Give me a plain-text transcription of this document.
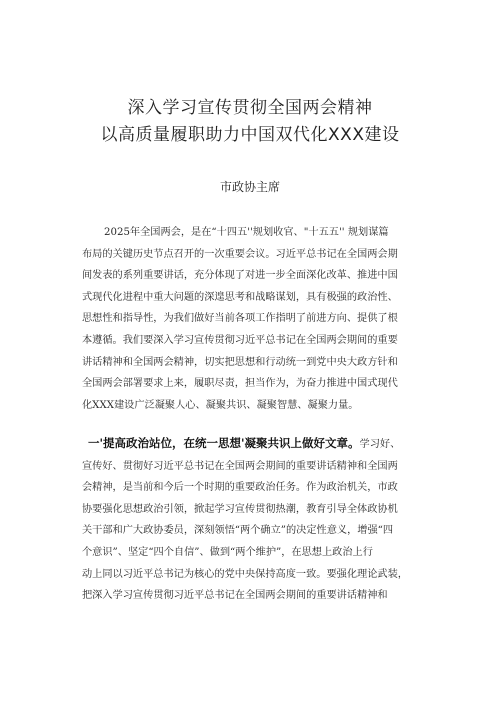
深入学习宣传贯彻全国两会精神
以高质量履职助力中国双代化XXX建设
市政协主席
2025年全国两会，是在“十四五''规划收官、"十五五'' 规划谋篇
布局的关键历史节点召开的一次重要会议。习近平总书记在全国两会期
间发表的系列重要讲话，充分体现了对进一步全面深化改革、推进中国
式现代化进程中重大问题的深遑思考和战略谋划，具有极强的政治性、
思想性和指导性，为我们做好当前各项工作指明了前进方向、提供了根
本遵循。我们要深入学习宣传贯彻习近平总书记在全国两会期间的重要
讲话精神和全国两会精神，切实把思想和行动统一到党中央大政方针和
全国两会部署要求上来，履职尽责，担当作为，为奋力推进中国式现代
化XXX建设广泛凝聚人心、凝聚共识、凝聚智慧、凝聚力量。
一'提高政治站位，在统一思想'凝聚共识上做好文章。学习好、
宣传好、贯彻好习近平总书记在全国两会期间的重要讲话精神和全国两
会精神，是当前和今后一个时期的重要政治任务。作为政治机关，市政
协要强化思想政治引领，掀起学习宣传贯彻热潮，教育引导全体政协机
关干部和广大政协委员，深刻领悟“两个确立”的决定性意义，增强“四
个意识”、坚定“四个自信”、做到“两个维护”，在思想上政治上行
动上同以习近平总书记为核心的党中央保持高度一致。要强化理论武装，
把深入学习宣传贯彻习近平总书记在全国两会期间的重要讲话精神和
